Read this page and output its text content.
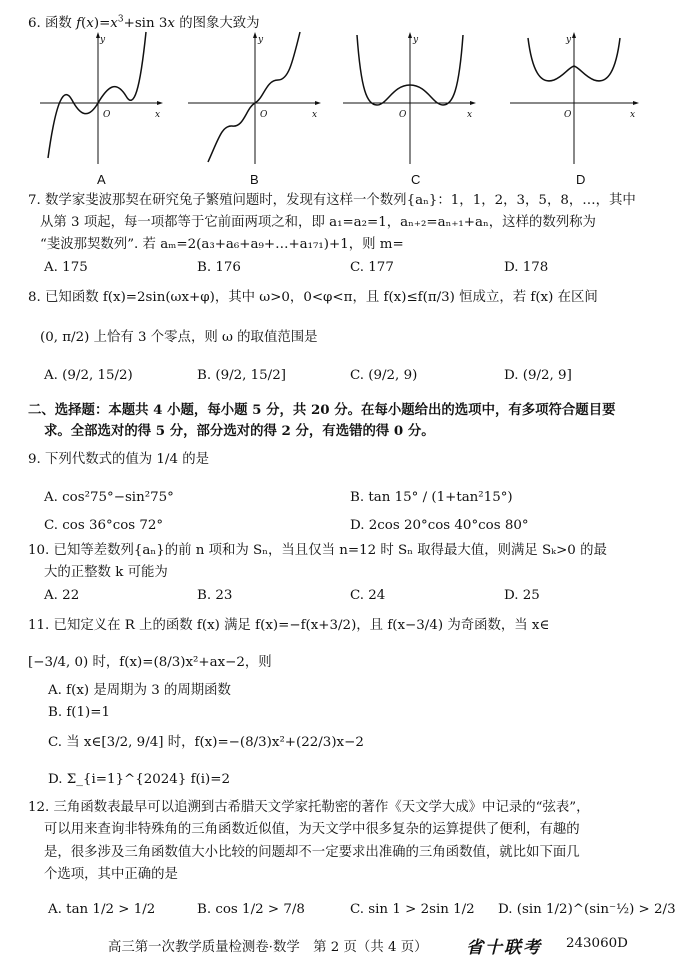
6. 函数 $f(x)=x^3+\sin$ 3x 的图象大致为
y
x
O
A
y
x
O
B
y
x
O
C
y
x
O
D
7. 数学家斐波那契在研究兔子繁殖问题时，发现有这样一个数列{aₙ}：1，1，2，3，5，8，…，其中
从第 3 项起，每一项都等于它前面两项之和，即 a₁=a₂=1，aₙ₊₂=aₙ₊₁+aₙ，这样的数列称为
“斐波那契数列”. 若 aₘ=2(a₃+a₆+a₉+…+a₁₇₁)+1，则 m=
A. 175	B. 176	C. 177	D. 178
8. 已知函数 f(x)=2sin(ωx+φ)，其中 ω>0，0<φ<π，且 f(x)≤f(π/3) 恒成立，若 f(x) 在区间
(0, π/2) 上恰有 3 个零点，则 ω 的取值范围是
A. (9/2, 15/2)	B. (9/2, 15/2]	C. (9/2, 9)	D. (9/2, 9]
二、选择题：本题共 4 小题，每小题 5 分，共 20 分。在每小题给出的选项中，有多项符合题目要
求。全部选对的得 5 分，部分选对的得 2 分，有选错的得 0 分。
9. 下列代数式的值为 1/4 的是
A. cos²75°−sin²75°	B. tan 15° / (1+tan²15°)
C. cos 36°cos 72°	D. 2cos 20°cos 40°cos 80°
10. 已知等差数列{aₙ}的前 n 项和为 Sₙ，当且仅当 n=12 时 Sₙ 取得最大值，则满足 Sₖ>0 的最
大的正整数 k 可能为
A. 22	B. 23	C. 24	D. 25
11. 已知定义在 R 上的函数 f(x) 满足 f(x)=−f(x+3/2)，且 f(x−3/4) 为奇函数，当 x∈
[−3/4, 0) 时，f(x)=(8/3)x²+ax−2，则
A. f(x) 是周期为 3 的周期函数
B. f(1)=1
C. 当 x∈[3/2, 9/4] 时，f(x)=−(8/3)x²+(22/3)x−2
D. Σ_{i=1}^{2024} f(i)=2
12. 三角函数表最早可以追溯到古希腊天文学家托勒密的著作《天文学大成》中记录的“弦表”，
可以用来查询非特殊角的三角函数近似值，为天文学中很多复杂的运算提供了便利，有趣的
是，很多涉及三角函数值大小比较的问题却不一定要求出准确的三角函数值，就比如下面几
个选项，其中正确的是
A. tan 1/2 > 1/2	B. cos 1/2 > 7/8	C. sin 1 > 2sin 1/2 D. (sin 1/2)^(sin⁻½) > 2/3
高三第一次教学质量检测卷·数学　第 2 页（共 4 页） 省十联考 243060D
